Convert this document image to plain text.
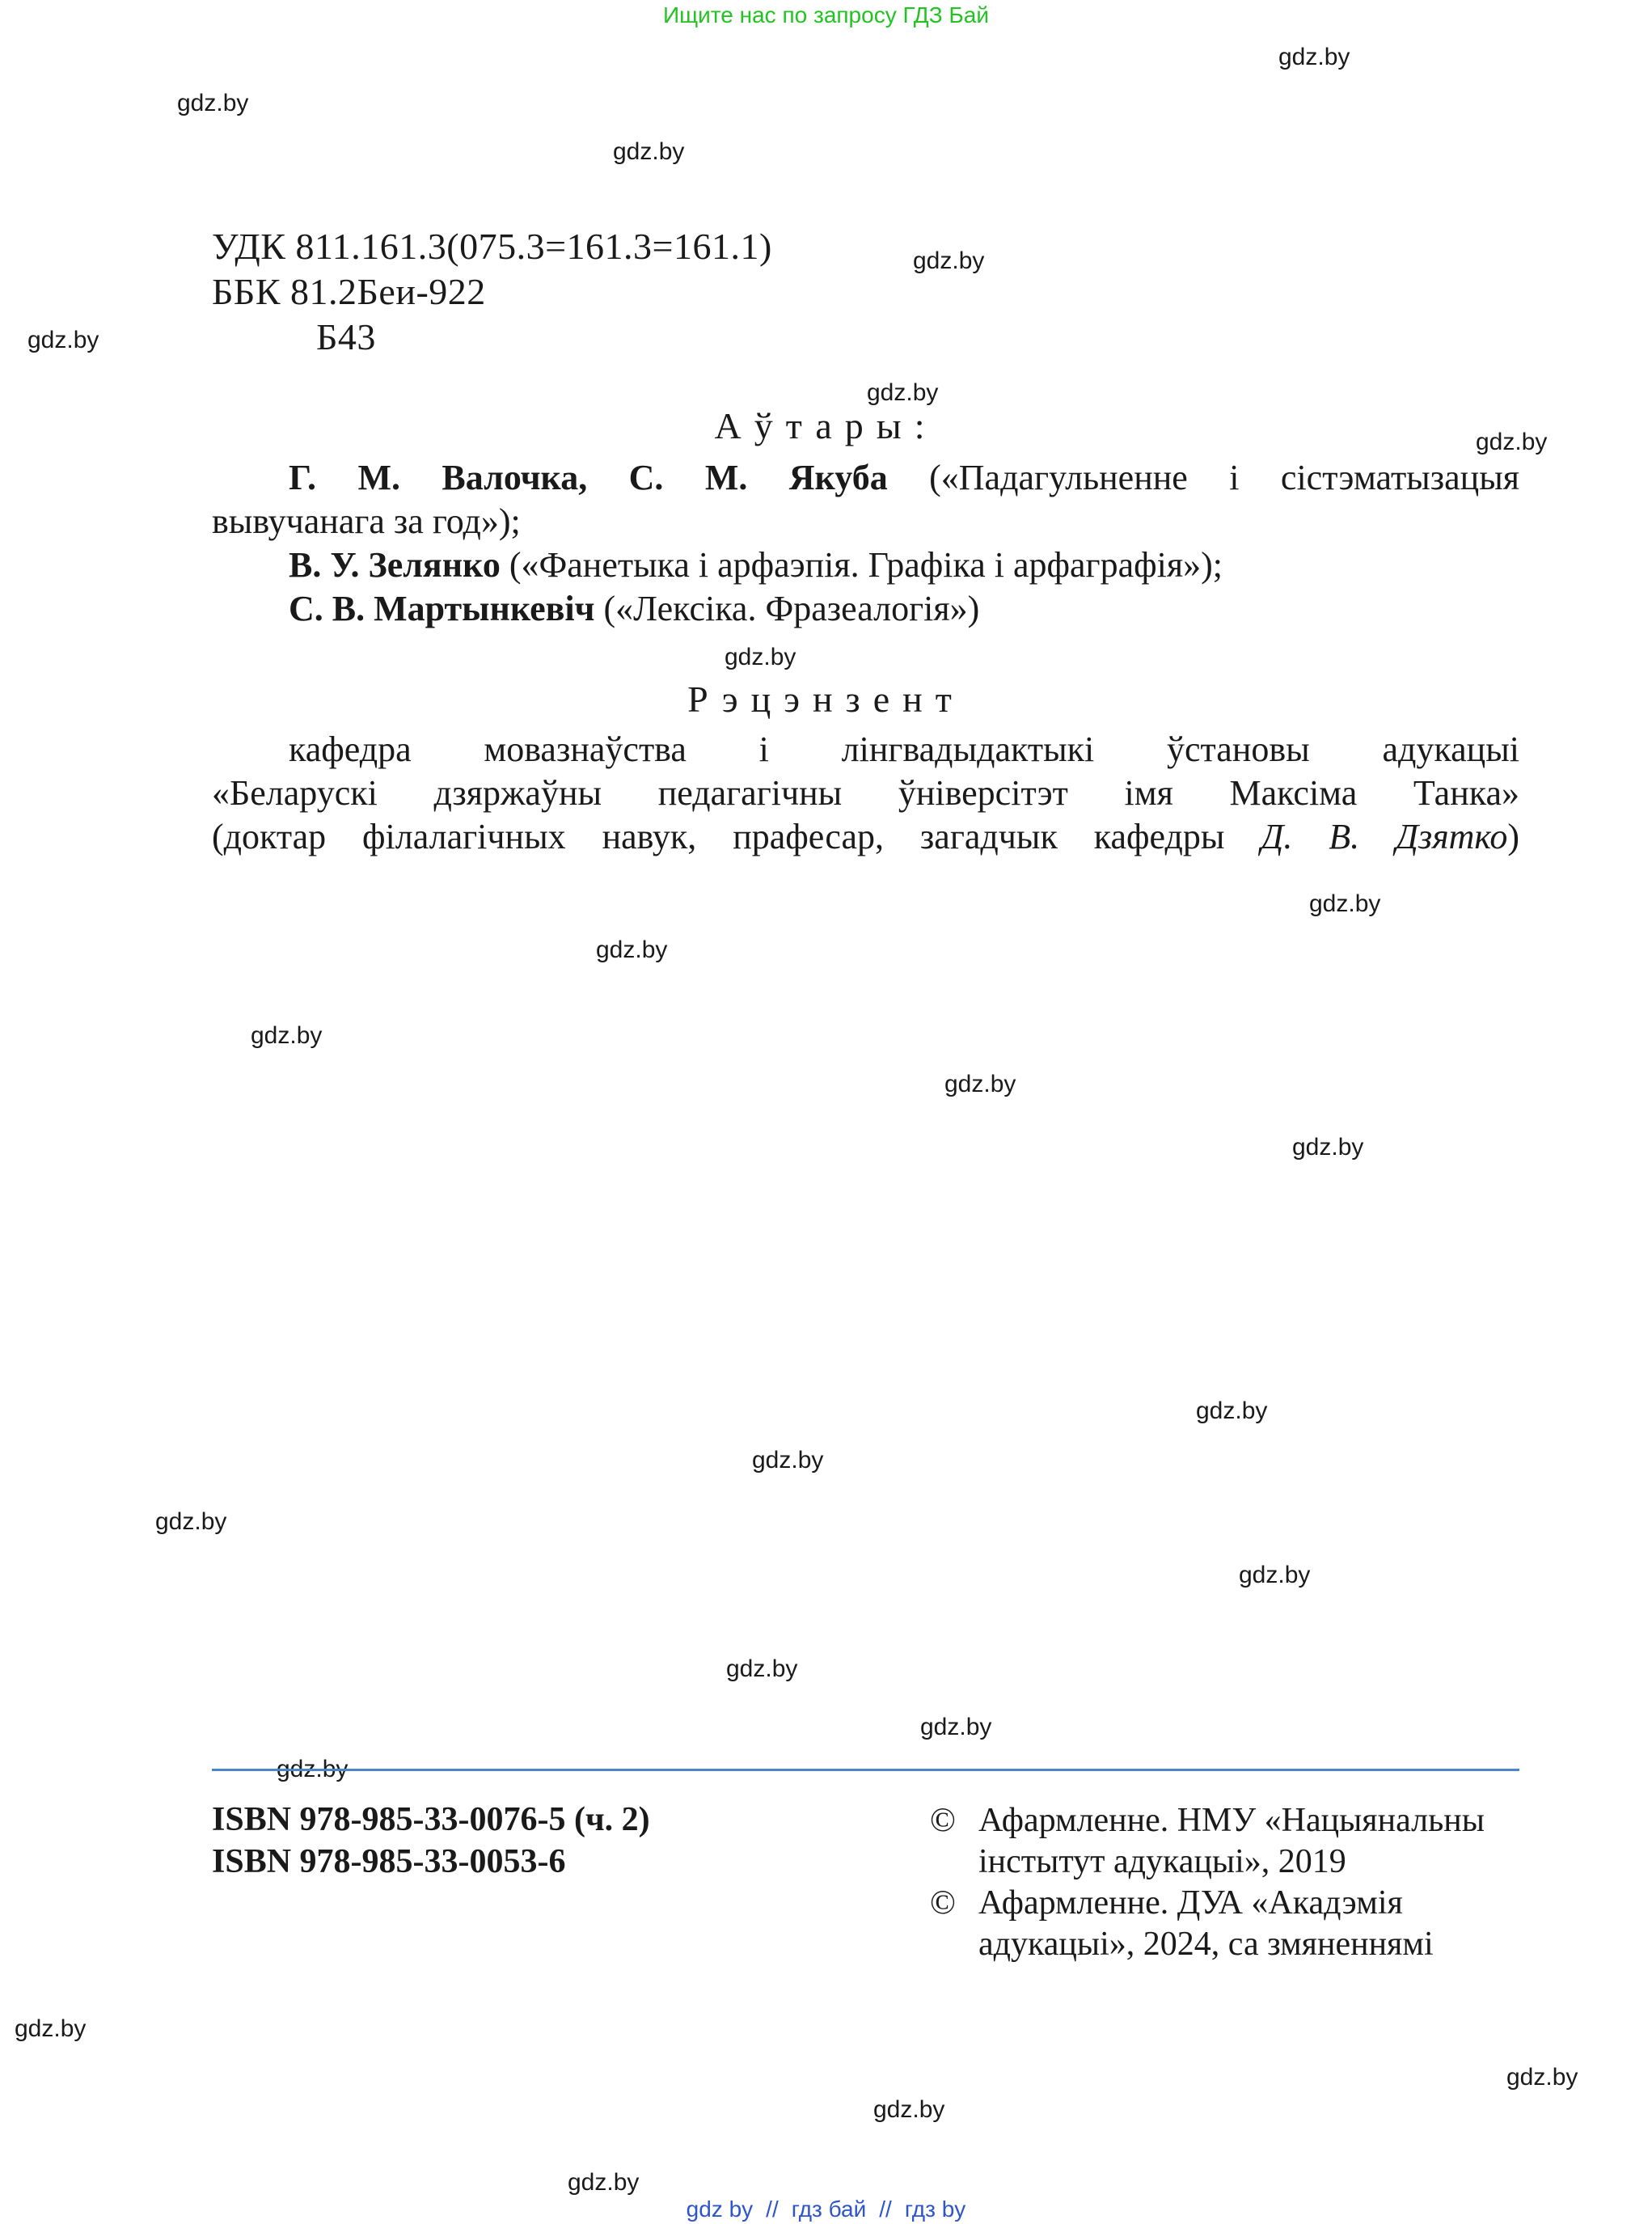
Ищите нас по запросу ГДЗ Бай
gdz.by
gdz.by
gdz.by
gdz.by
gdz.by
gdz.by
gdz.by
gdz.by
gdz.by
gdz.by
gdz.by
gdz.by
gdz.by
gdz.by
gdz.by
gdz.by
gdz.by
gdz.by
gdz.by
gdz.by
gdz.by
gdz.by
gdz.by
gdz.by
УДК 811.161.3(075.3=161.3=161.1)
ББК 81.2Беи-922
Б43
Аўтары:
Г. М. Валочка, С. М. Якуба («Падагульненне і сістэматызацыя
вывучанага за год»);
В. У. Зелянко («Фанетыка і арфаэпія. Графіка і арфаграфія»);
С. В. Мартынкевіч («Лексіка. Фразеалогія»)
Рэцэнзент
кафедра мовазнаўства і лінгвадыдактыкі ўстановы адукацыі
«Беларускі дзяржаўны педагагічны ўніверсітэт імя Максіма Танка»
(доктар філалагічных навук, прафесар, загадчык кафедры Д. В. Дзятко)
ISBN 978-985-33-0076-5 (ч. 2)
ISBN 978-985-33-0053-6
© Афармленне. НМУ «Нацыянальны
інстытут адукацыі», 2019
© Афармленне. ДУА «Акадэмія
адукацыі», 2024, са змяненнямі
gdz by // гдз бай // гдз by
